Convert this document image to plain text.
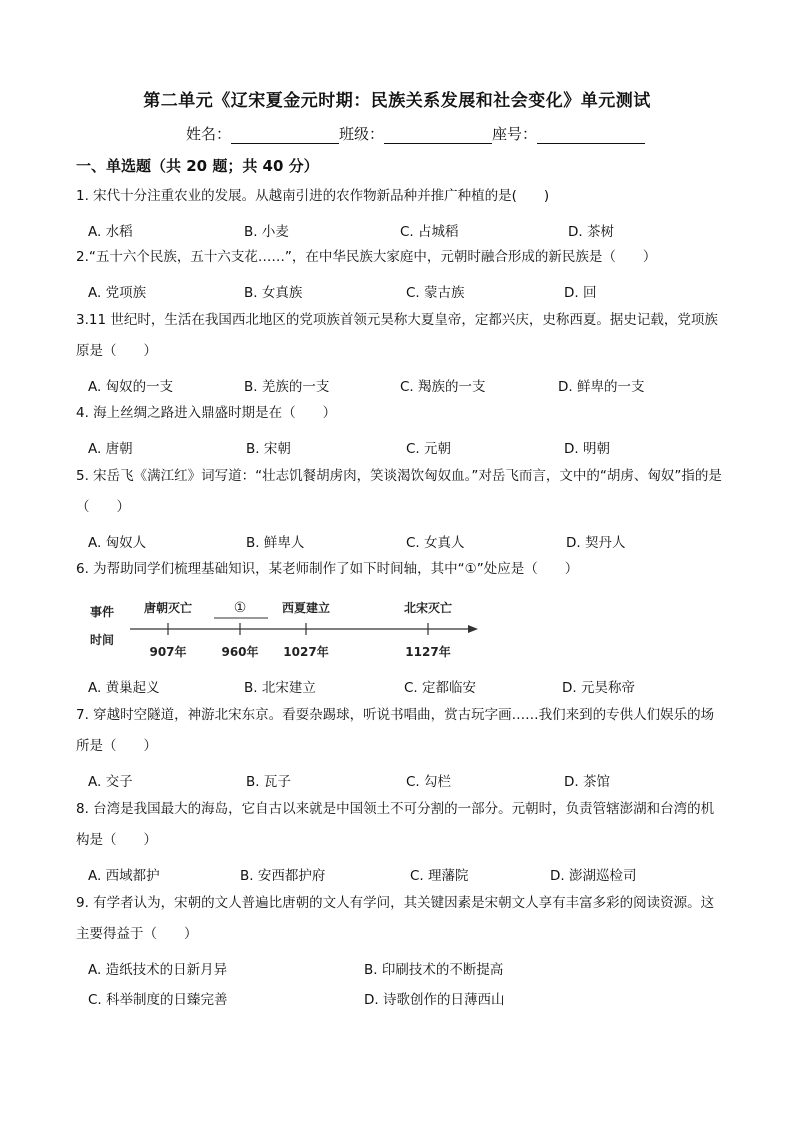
第二单元《辽宋夏金元时期：民族关系发展和社会变化》单元测试
姓名：	班级：	座号：
一、单选题（共 20 题；共 40 分）
1. 宋代十分注重农业的发展。从越南引进的农作物新品种并推广种植的是(　　)
A. 水稻	B. 小麦	C. 占城稻	D. 茶树
2.“五十六个民族，五十六支花……”，在中华民族大家庭中，元朝时融合形成的新民族是（　　）
A. 党项族	B. 女真族	C. 蒙古族	D. 回
3.11 世纪时，生活在我国西北地区的党项族首领元昊称大夏皇帝，定都兴庆，史称西夏。据史记载，党项族原是（　　）
A. 匈奴的一支	B. 羌族的一支	C. 羯族的一支	D. 鲜卑的一支
4. 海上丝绸之路进入鼎盛时期是在（　　）
A. 唐朝	B. 宋朝	C. 元朝	D. 明朝
5. 宋岳飞《满江红》词写道：“壮志饥餐胡虏肉，笑谈渴饮匈奴血。”对岳飞而言，文中的“胡虏、匈奴”指的是（　　）
A. 匈奴人	B. 鲜卑人	C. 女真人	D. 契丹人
6. 为帮助同学们梳理基础知识，某老师制作了如下时间轴，其中“①”处应是（　　）
事件
时间
唐朝灭亡	①	西夏建立	北宋灭亡
907年	960年 1027年	1127年
A. 黄巢起义	B. 北宋建立	C. 定都临安	D. 元昊称帝
7. 穿越时空隧道，神游北宋东京。看耍杂踢球，听说书唱曲，赏古玩字画……我们来到的专供人们娱乐的场所是（　　）
A. 交子	B. 瓦子	C. 勾栏	D. 茶馆
8. 台湾是我国最大的海岛，它自古以来就是中国领土不可分割的一部分。元朝时，负责管辖澎湖和台湾的机构是（　　）
A. 西域都护	B. 安西都护府	C. 理藩院	D. 澎湖巡检司
9. 有学者认为，宋朝的文人普遍比唐朝的文人有学问，其关键因素是宋朝文人享有丰富多彩的阅读资源。这主要得益于（　　）
A. 造纸技术的日新月异	B. 印刷技术的不断提高
C. 科举制度的日臻完善	D. 诗歌创作的日薄西山
